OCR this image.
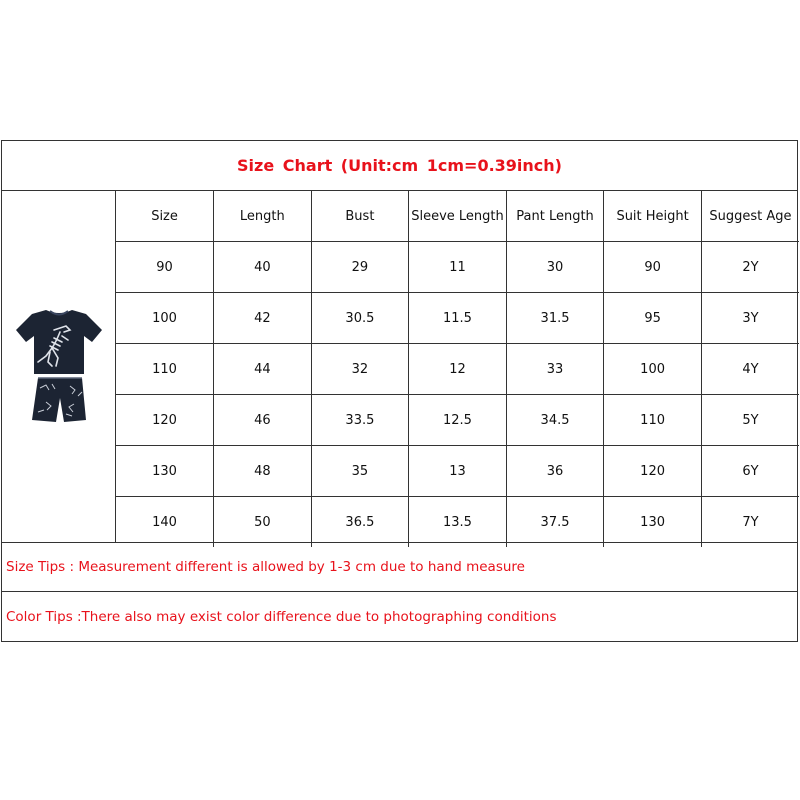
Size Chart (Unit:cm 1cm=0.39inch)
Size	Length	Bust	Sleeve Length	Pant Length	Suit Height	Suggest Age
90	40	29	11	30	90	2Y
100	42	30.5	11.5	31.5	95	3Y
110	44	32	12	33	100	4Y
120	46	33.5	12.5	34.5	110	5Y
130	48	35	13	36	120	6Y
140	50	36.5	13.5	37.5	130	7Y
Size Tips : Measurement different is allowed by 1-3 cm due to hand measure
Color Tips :There also may exist color difference due to photographing conditions
